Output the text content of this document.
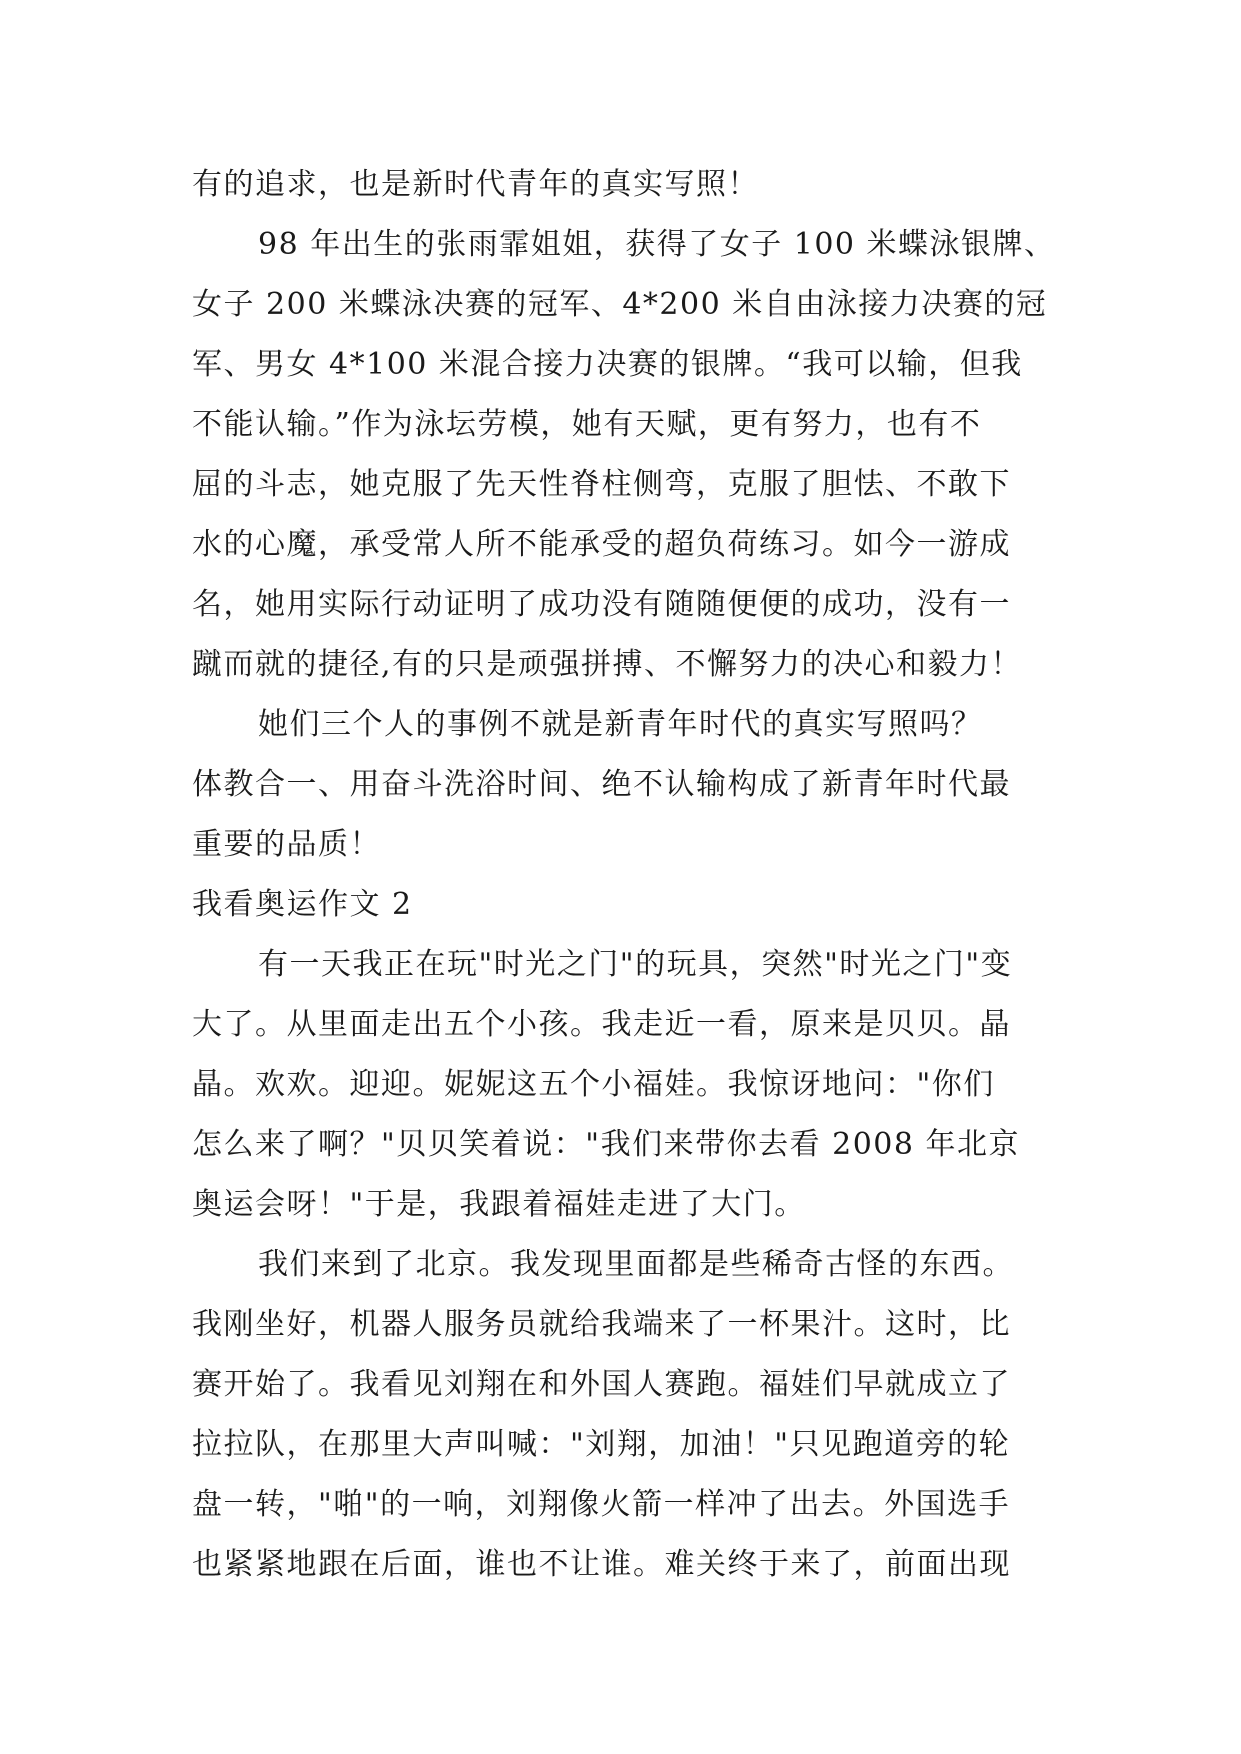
有的追求，也是新时代青年的真实写照！
98 年出生的张雨霏姐姐，获得了女子 100 米蝶泳银牌、
女子 200 米蝶泳决赛的冠军、4*200 米自由泳接力决赛的冠
军、男女 4*100 米混合接力决赛的银牌。“我可以输，但我
不能认输。”作为泳坛劳模，她有天赋，更有努力，也有不
屈的斗志，她克服了先天性脊柱侧弯，克服了胆怯、不敢下
水的心魔，承受常人所不能承受的超负荷练习。如今一游成
名，她用实际行动证明了成功没有随随便便的成功，没有一
蹴而就的捷径,有的只是顽强拼搏、不懈努力的决心和毅力！
她们三个人的事例不就是新青年时代的真实写照吗？
体教合一、用奋斗洗浴时间、绝不认输构成了新青年时代最
重要的品质！
我看奥运作文 2
有一天我正在玩"时光之门"的玩具，突然"时光之门"变
大了。从里面走出五个小孩。我走近一看，原来是贝贝。晶
晶。欢欢。迎迎。妮妮这五个小福娃。我惊讶地问："你们
怎么来了啊？"贝贝笑着说："我们来带你去看 2008 年北京
奥运会呀！"于是，我跟着福娃走进了大门。
我们来到了北京。我发现里面都是些稀奇古怪的东西。
我刚坐好，机器人服务员就给我端来了一杯果汁。这时，比
赛开始了。我看见刘翔在和外国人赛跑。福娃们早就成立了
拉拉队，在那里大声叫喊："刘翔，加油！"只见跑道旁的轮
盘一转，"啪"的一响，刘翔像火箭一样冲了出去。外国选手
也紧紧地跟在后面，谁也不让谁。难关终于来了，前面出现
